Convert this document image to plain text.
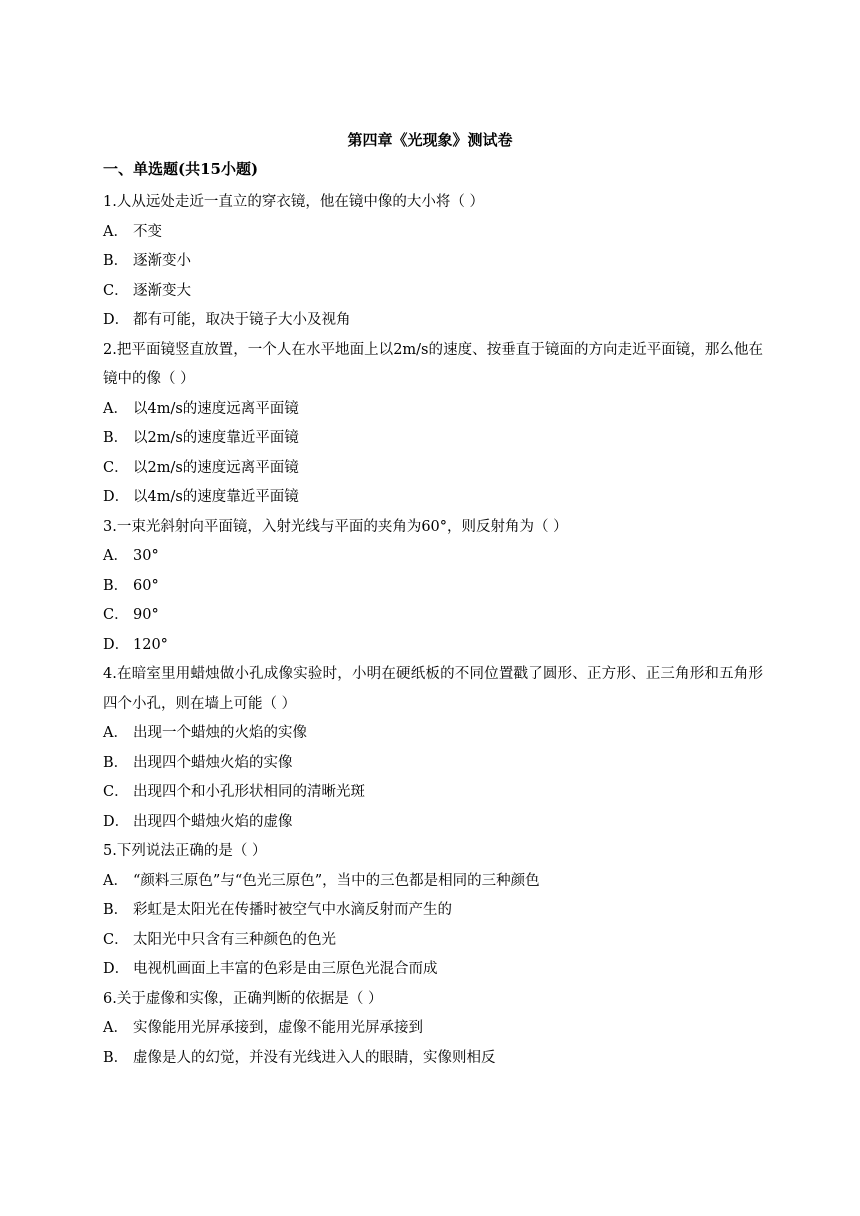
第四章《光现象》测试卷
一、单选题(共15小题)

1.人从远处走近一直立的穿衣镜，他在镜中像的大小将（ ）

A． 不变

B． 逐渐变小

C． 逐渐变大

D． 都有可能，取决于镜子大小及视角

2.把平面镜竖直放置，一个人在水平地面上以2m/s的速度、按垂直于镜面的方向走近平面镜，那么他在镜中的像（ ）

A． 以4m/s的速度远离平面镜

B． 以2m/s的速度靠近平面镜

C． 以2m/s的速度远离平面镜

D． 以4m/s的速度靠近平面镜

3.一束光斜射向平面镜，入射光线与平面的夹角为60°，则反射角为（ ）

A． 30°

B． 60°

C． 90°

D． 120°

4.在暗室里用蜡烛做小孔成像实验时，小明在硬纸板的不同位置戳了圆形、正方形、正三角形和五角形四个小孔，则在墙上可能（ ）

A． 出现一个蜡烛的火焰的实像

B． 出现四个蜡烛火焰的实像

C． 出现四个和小孔形状相同的清晰光斑

D． 出现四个蜡烛火焰的虚像

5.下列说法正确的是（ ）

A． “颜料三原色”与“色光三原色”，当中的三色都是相同的三种颜色

B． 彩虹是太阳光在传播时被空气中水滴反射而产生的

C． 太阳光中只含有三种颜色的色光

D． 电视机画面上丰富的色彩是由三原色光混合而成

6.关于虚像和实像，正确判断的依据是（ ）

A． 实像能用光屏承接到，虚像不能用光屏承接到

B． 虚像是人的幻觉，并没有光线进入人的眼睛，实像则相反
